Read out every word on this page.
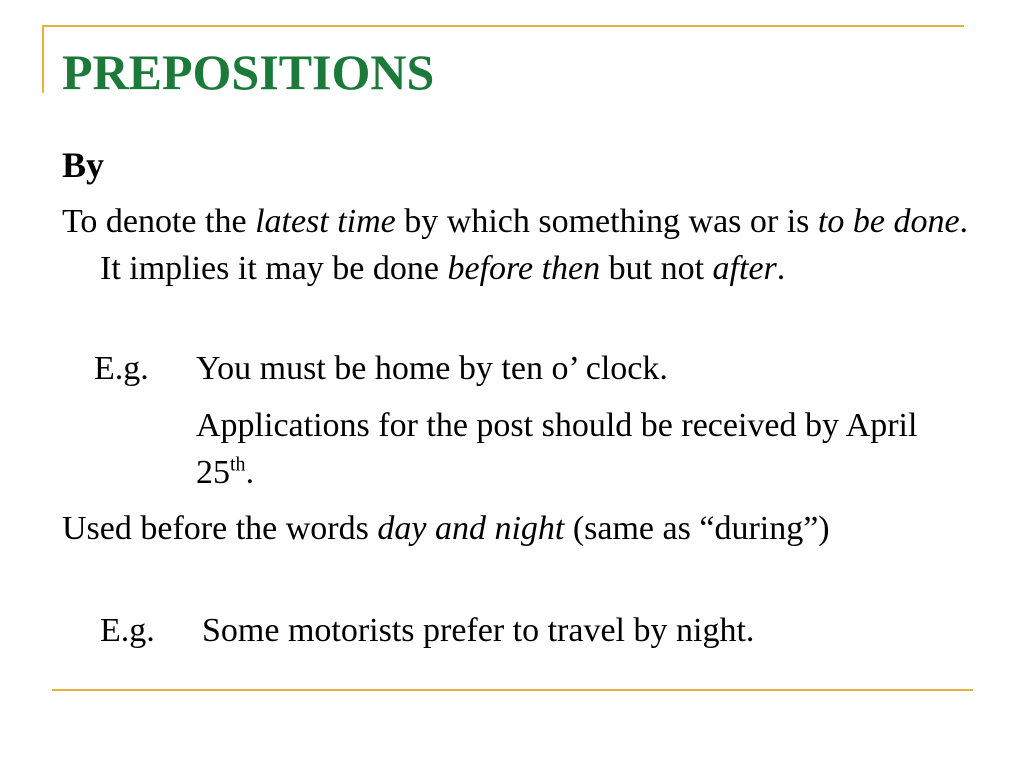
PREPOSITIONS
By
To denote the latest time by which something was or is to be done. It implies it may be done before then but not after.
E.g. You must be home by ten o’ clock.
Applications for the post should be received by April 25th.
Used before the words day and night (same as “during”)
E.g. Some motorists prefer to travel by night.
